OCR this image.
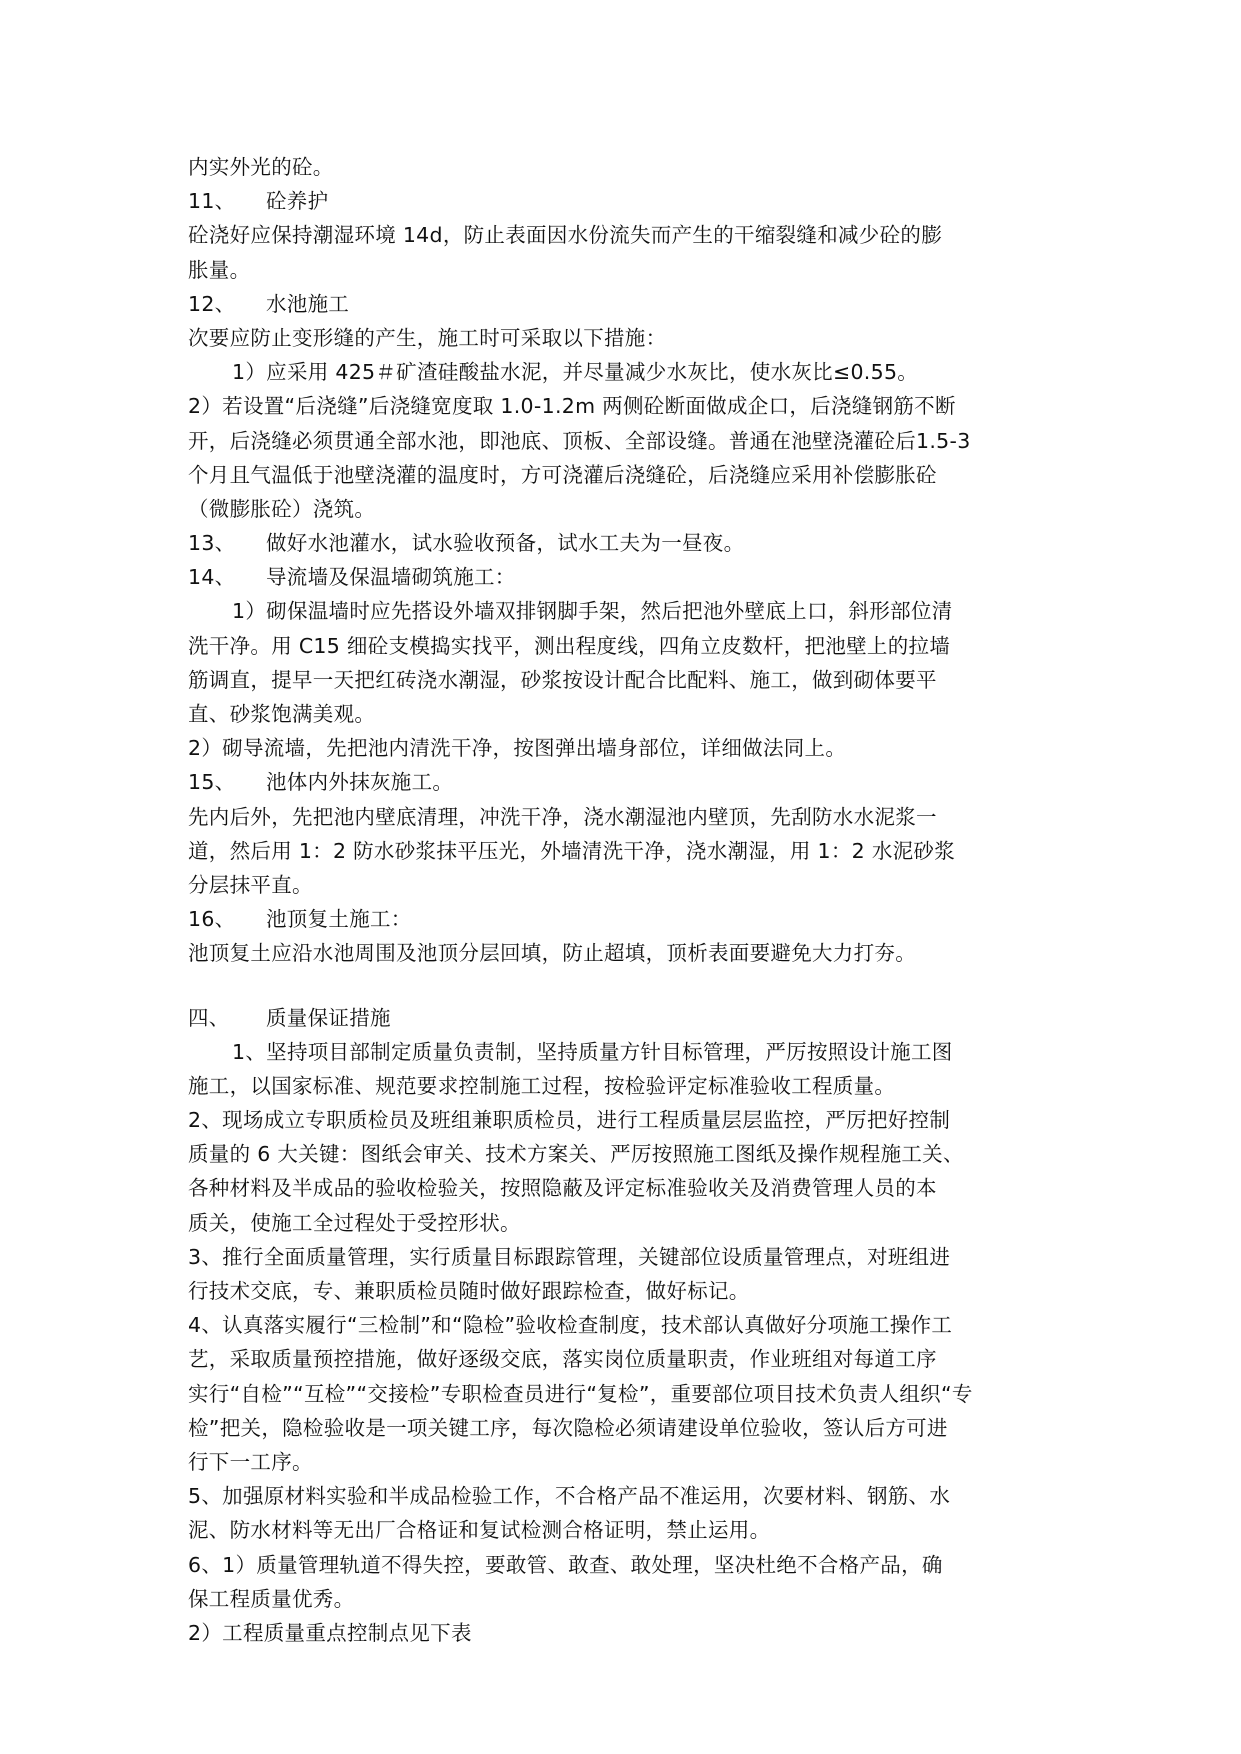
内实外光的砼。
11、 砼养护
砼浇好应保持潮湿环境 14d，防止表面因水份流失而产生的干缩裂缝和减少砼的膨
胀量。
12、 水池施工
次要应防止变形缝的产生，施工时可采取以下措施：
1）应采用 425＃矿渣硅酸盐水泥，并尽量减少水灰比，使水灰比≤0.55。
2）若设置“后浇缝”后浇缝宽度取 1.0-1.2m 两侧砼断面做成企口，后浇缝钢筋不断
开，后浇缝必须贯通全部水池，即池底、顶板、全部设缝。普通在池壁浇灌砼后1.5-3
个月且气温低于池壁浇灌的温度时，方可浇灌后浇缝砼，后浇缝应采用补偿膨胀砼
（微膨胀砼）浇筑。
13、 做好水池灌水，试水验收预备，试水工夫为一昼夜。
14、 导流墙及保温墙砌筑施工：
1）砌保温墙时应先搭设外墙双排钢脚手架，然后把池外壁底上口，斜形部位清
洗干净。用 C15 细砼支模捣实找平，测出程度线，四角立皮数杆，把池壁上的拉墙
筋调直，提早一天把红砖浇水潮湿，砂浆按设计配合比配料、施工，做到砌体要平
直、砂浆饱满美观。
2）砌导流墙，先把池内清洗干净，按图弹出墙身部位，详细做法同上。
15、 池体内外抹灰施工。
先内后外，先把池内壁底清理，冲洗干净，浇水潮湿池内壁顶，先刮防水水泥浆一
道，然后用 1：2 防水砂浆抹平压光，外墙清洗干净，浇水潮湿，用 1：2 水泥砂浆
分层抹平直。
16、 池顶复土施工：
池顶复土应沿水池周围及池顶分层回填，防止超填，顶析表面要避免大力打夯。
四、 质量保证措施
1、坚持项目部制定质量负责制，坚持质量方针目标管理，严厉按照设计施工图
施工，以国家标准、规范要求控制施工过程，按检验评定标准验收工程质量。
2、现场成立专职质检员及班组兼职质检员，进行工程质量层层监控，严厉把好控制
质量的 6 大关键：图纸会审关、技术方案关、严厉按照施工图纸及操作规程施工关、
各种材料及半成品的验收检验关，按照隐蔽及评定标准验收关及消费管理人员的本
质关，使施工全过程处于受控形状。
3、推行全面质量管理，实行质量目标跟踪管理，关键部位设质量管理点，对班组进
行技术交底，专、兼职质检员随时做好跟踪检查，做好标记。
4、认真落实履行“三检制”和“隐检”验收检查制度，技术部认真做好分项施工操作工
艺，采取质量预控措施，做好逐级交底，落实岗位质量职责，作业班组对每道工序
实行“自检”“互检”“交接检”专职检查员进行“复检”，重要部位项目技术负责人组织“专
检”把关，隐检验收是一项关键工序，每次隐检必须请建设单位验收，签认后方可进
行下一工序。
5、加强原材料实验和半成品检验工作，不合格产品不准运用，次要材料、钢筋、水
泥、防水材料等无出厂合格证和复试检测合格证明，禁止运用。
6、1）质量管理轨道不得失控，要敢管、敢查、敢处理，坚决杜绝不合格产品，确
保工程质量优秀。
2）工程质量重点控制点见下表
